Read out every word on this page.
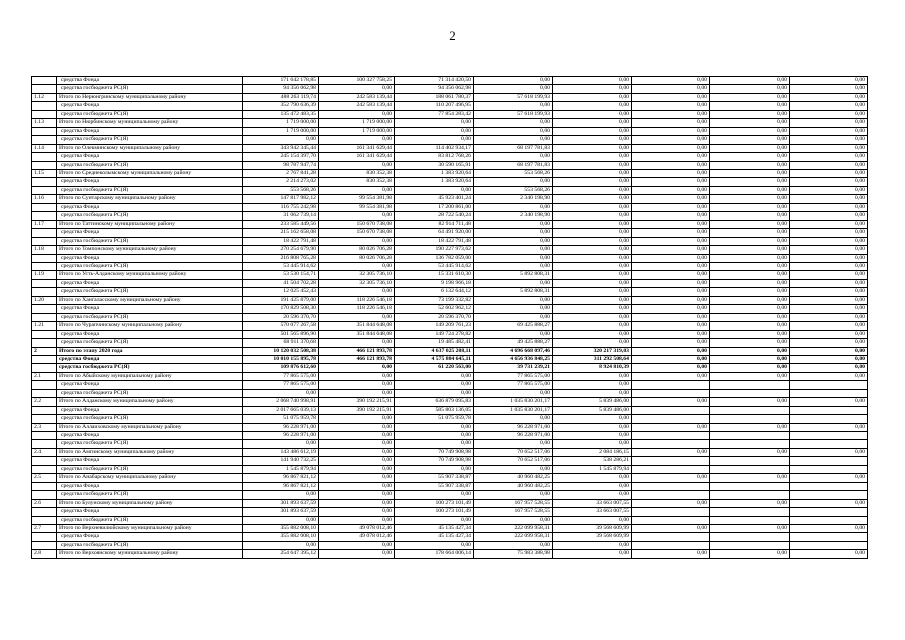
2
	средства Фонда	171 642 178,85	100 327 758,25	71 314 420,50	0,00	0,00	0,00	0,00	0,00
	средства госбюджета РС(Я)	94 356 062,98	0,00	94 356 062,98	0,00	0,00	0,00	0,00	0,00
1.12	Итого по Нерюнгринскому муниципальному району	488 263 119,74	242 583 139,44	188 061 780,37	57 618 199,93	0,00	0,00	0,00	0,00
	средства Фонда	352 790 636,39	242 583 139,44	110 207 496,95	0,00	0,00	0,00	0,00	0,00
	средства госбюджета РС(Я)	135 472 483,35	0,00	77 854 283,42	57 618 199,93	0,00	0,00	0,00	0,00
1.13	Итого по Нюрбинскому муниципальному району	1 719 000,00	1 719 000,00	0,00	0,00	0,00	0,00	0,00	0,00
	средства Фонда	1 719 000,00	1 719 000,00	0,00	0,00	0,00	0,00	0,00	0,00
	средства госбюджета РС(Я)	0,00	0,00	0,00	0,00	0,00	0,00	0,00	0,00
1.14	Итого по Олекминскому муниципальному району	343 942 345,44	161 341 629,44	114 402 934,17	68 197 781,83	0,00	0,00	0,00	0,00
	средства Фонда	245 154 397,70	161 341 629,44	83 812 768,26	0,00	0,00	0,00	0,00	0,00
	средства госбюджета РС(Я)	98 787 947,74	0,00	30 590 165,91	68 197 781,83	0,00	0,00	0,00	0,00
1.15	Итого по Среднеколымскому муниципальному району	2 767 841,28	830 352,38	1 383 920,64	553 568,26	0,00	0,00	0,00	0,00
	средства Фонда	2 214 273,02	830 352,38	1 383 920,64	0,00	0,00	0,00	0,00	0,00
	средства госбюджета РС(Я)	553 568,26	0,00	0,00	553 568,26	0,00	0,00	0,00	0,00
1.16	Итого по Сунтарскому муниципальному району	147 817 982,12	99 554 381,98	45 923 401,24	2 340 198,90	0,00	0,00	0,00	0,00
	средства Фонда	116 755 242,98	99 554 381,98	17 200 861,00	0,00	0,00	0,00	0,00	0,00
	средства госбюджета РС(Я)	31 062 739,14	0,00	28 722 540,24	2 340 198,90	0,00	0,00	0,00	0,00
1.17	Итого по Таттинскому муниципальному району	233 585 449,56	150 670 738,08	82 914 711,48	0,00	0,00	0,00	0,00	0,00
	средства Фонда	215 162 658,08	150 670 738,08	64 491 920,00	0,00	0,00	0,00	0,00	0,00
	средства госбюджета РС(Я)	18 422 791,48	0,00	18 422 791,48	0,00	0,00	0,00	0,00	0,00
1.18	Итого по Томпонскому муниципальному району	270 254 679,90	80 026 706,28	190 227 973,62	0,00	0,00	0,00	0,00	0,00
	средства Фонда	216 808 765,28	80 026 706,28	136 782 059,00	0,00	0,00	0,00	0,00	0,00
	средства госбюджета РС(Я)	53 445 914,62	0,00	53 445 914,62	0,00	0,00	0,00	0,00	0,00
1.19	Итого по Усть-Алданскому муниципальному району	53 530 154,71	32 305 736,10	15 331 610,30	5 892 808,31	0,00	0,00	0,00	0,00
	средства Фонда	41 504 702,28	32 305 736,10	9 198 966,18	0,00	0,00	0,00	0,00	0,00
	средства госбюджета РС(Я)	12 025 452,43	0,00	6 132 644,12	5 892 808,31	0,00	0,00	0,00	0,00
1.20	Итого по Хангаласскому муниципальному району	191 425 879,00	118 226 546,18	73 199 332,82	0,00	0,00	0,00	0,00	0,00
	средства Фонда	170 829 508,30	118 226 546,18	52 602 962,12	0,00	0,00	0,00	0,00	0,00
	средства госбюджета РС(Я)	20 596 370,70	0,00	20 596 370,70	0,00	0,00	0,00	0,00	0,00
1.21	Итого по Чурапчинскому муниципальному району	570 077 267,58	351 844 648,08	149 209 761,23	69 425 888,27	0,00	0,00	0,00	0,00
	средства Фонда	501 565 896,90	351 844 648,08	149 724 278,82	0,00	0,00	0,00	0,00	0,00
	средства госбюджета РС(Я)	68 911 370,68	0,00	19 485 482,41	49 425 888,27	0,00	0,00	0,00	0,00
2	Итого по этапу 2020 года	10 120 032 508,38	466 121 893,78	4 637 025 208,11	4 696 668 097,46	320 217 319,03	0,00	0,00	0,00
	средства Фонда	10 010 155 895,78	466 121 893,78	4 575 804 645,11	4 656 936 848,25	311 292 508,64	0,00	0,00	0,00
	средства госбюджета РС(Я)	109 876 612,60	0,00	61 220 563,00	39 731 239,21	8 924 810,39	0,00	0,00	0,00
2.1	Итого по Абыйскому муниципальному району	77 865 575,00	0,00	0,00	77 865 575,00	0,00	0,00	0,00	0,00
	средства Фонда	77 865 575,00	0,00	0,00	77 865 575,00	0,00			
	средства госбюджета РС(Я)	0,00	0,00	0,00	0,00	0,00			
2.2	Итого по Алданскому муниципальному району	2 068 740 998,91	390 192 215,91	636 879 095,83	1 035 830 201,17	5 839 486,00	0,00	0,00	0,00
	средства Фонда	2 017 665 039,13	390 192 215,91	585 803 136,05	1 035 830 201,17	5 839 486,00			
	средства госбюджета РС(Я)	51 075 959,78	0,00	51 075 959,78	0,00	0,00			
2.3	Итого по Аллаиховскому муниципальному району	96 228 971,00	0,00	0,00	96 228 971,00	0,00	0,00	0,00	0,00
	средства Фонда	96 228 971,00	0,00	0,00	96 228 971,00	0,00			
	средства госбюджета РС(Я)	0,00	0,00	0,00	0,00	0,00			
2.4	Итого по Амгинскому муниципальному району	143 486 612,19	0,00	70 749 908,98	70 652 517,06	2 084 186,15	0,00	0,00	0,00
	средства Фонда	141 940 732,25	0,00	70 749 908,98	70 652 517,06	538 286,21			
	средства госбюджета РС(Я)	1 545 879,94	0,00	0,00	0,00	1 545 879,94			
2.5	Итого по Анабарскому муниципальному району	96 867 821,12	0,00	55 907 338,87	40 960 482,25	0,00	0,00	0,00	0,00
	средства Фонда	96 867 821,12	0,00	55 907 338,87	40 960 482,25	0,00			
	средства госбюджета РС(Я)	0,00	0,00	0,00	0,00	0,00			
2.6	Итого по Булунскому муниципальному району	301 893 637,59	0,00	100 273 101,49	167 957 528,55	33 663 007,55	0,00	0,00	0,00
	средства Фонда	301 893 637,59	0,00	100 273 101,49	167 957 528,55	33 663 007,55			
	средства госбюджета РС(Я)	0,00	0,00	0,00	0,00	0,00			
2.7	Итого по Верхневилюйскому муниципальному району	355 882 008,10	49 078 012,46	45 135 427,34	222 099 958,31	39 568 609,99	0,00	0,00	0,00
	средства Фонда	355 882 008,10	49 078 012,46	45 135 427,34	222 099 958,31	39 568 609,99			
	средства госбюджета РС(Я)	0,00	0,00	0,00	0,00	0,00			
2.8	Итого по Верхоянскому муниципальному району	254 647 395,12	0,00	178 664 006,14	75 983 388,98	0,00	0,00	0,00	0,00
